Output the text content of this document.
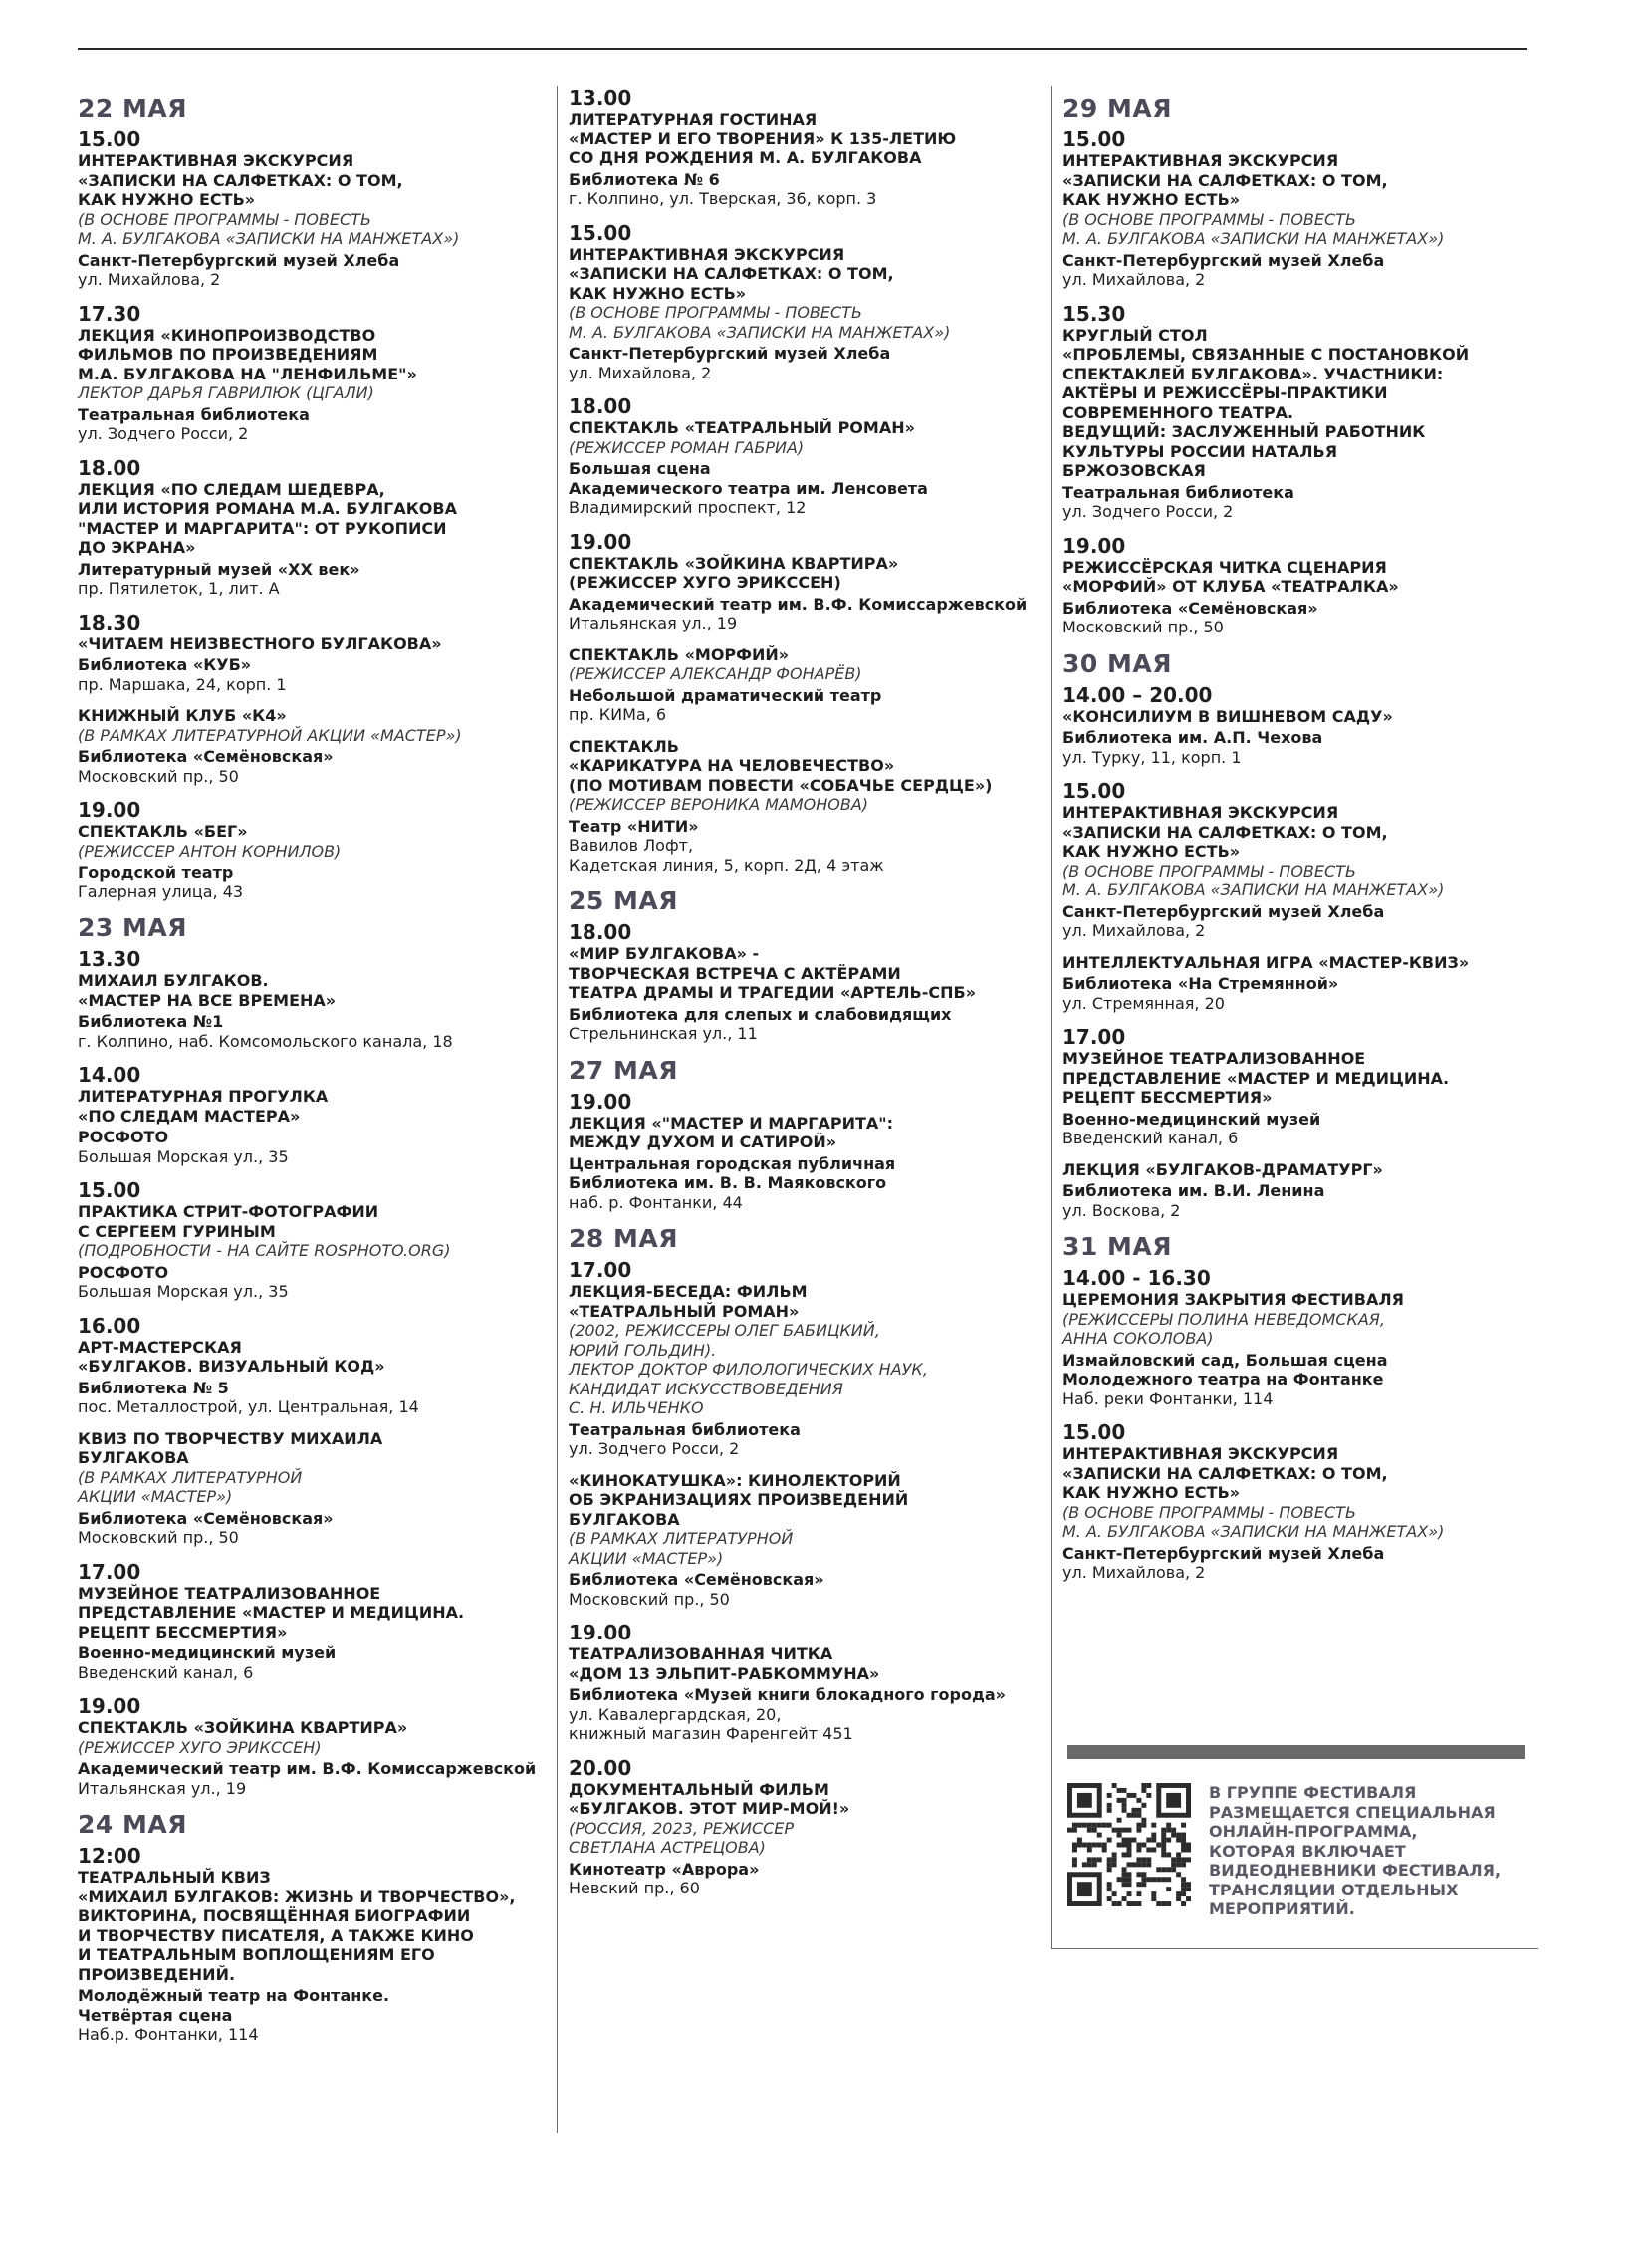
22 МАЯ
15.00
ИНТЕРАКТИВНАЯ ЭКСКУРСИЯ
«ЗАПИСКИ НА САЛФЕТКАХ: О ТОМ,
КАК НУЖНО ЕСТЬ»
(В ОСНОВЕ ПРОГРАММЫ - ПОВЕСТЬ
М. А. БУЛГАКОВА «ЗАПИСКИ НА МАНЖЕТАХ»)
Санкт-Петербургский музей Хлеба
ул. Михайлова, 2
17.30
ЛЕКЦИЯ «КИНОПРОИЗВОДСТВО
ФИЛЬМОВ ПО ПРОИЗВЕДЕНИЯМ
М.А. БУЛГАКОВА НА "ЛЕНФИЛЬМЕ"»
ЛЕКТОР ДАРЬЯ ГАВРИЛЮК (ЦГАЛИ)
Театральная библиотека
ул. Зодчего Росси, 2
18.00
ЛЕКЦИЯ «ПО СЛЕДАМ ШЕДЕВРА,
ИЛИ ИСТОРИЯ РОМАНА М.А. БУЛГАКОВА
"МАСТЕР И МАРГАРИТА": ОТ РУКОПИСИ
ДО ЭКРАНА»
Литературный музей «XX век»
пр. Пятилеток, 1, лит. А
18.30
«ЧИТАЕМ НЕИЗВЕСТНОГО БУЛГАКОВА»
Библиотека «КУБ»
пр. Маршака, 24, корп. 1
КНИЖНЫЙ КЛУБ «К4»
(В РАМКАХ ЛИТЕРАТУРНОЙ АКЦИИ «МАСТЕР»)
Библиотека «Семёновская»
Московский пр., 50
19.00
СПЕКТАКЛЬ «БЕГ»
(РЕЖИССЕР АНТОН КОРНИЛОВ)
Городской театр
Галерная улица, 43
23 МАЯ
13.30
МИХАИЛ БУЛГАКОВ.
«МАСТЕР НА ВСЕ ВРЕМЕНА»
Библиотека №1
г. Колпино, наб. Комсомольского канала, 18
14.00
ЛИТЕРАТУРНАЯ ПРОГУЛКА
«ПО СЛЕДАМ МАСТЕРА»
РОСФОТО
Большая Морская ул., 35
15.00
ПРАКТИКА СТРИТ-ФОТОГРАФИИ
С СЕРГЕЕМ ГУРИНЫМ
(ПОДРОБНОСТИ - НА САЙТЕ ROSPHOTO.ORG)
РОСФОТО
Большая Морская ул., 35
16.00
АРТ-МАСТЕРСКАЯ
«БУЛГАКОВ. ВИЗУАЛЬНЫЙ КОД»
Библиотека № 5
пос. Металлострой, ул. Центральная, 14
КВИЗ ПО ТВОРЧЕСТВУ МИХАИЛА
БУЛГАКОВА
(В РАМКАХ ЛИТЕРАТУРНОЙ
АКЦИИ «МАСТЕР»)
Библиотека «Семёновская»
Московский пр., 50
17.00
МУЗЕЙНОЕ ТЕАТРАЛИЗОВАННОЕ
ПРЕДСТАВЛЕНИЕ «МАСТЕР И МЕДИЦИНА.
РЕЦЕПТ БЕССМЕРТИЯ»
Военно-медицинский музей
Введенский канал, 6
19.00
СПЕКТАКЛЬ «ЗОЙКИНА КВАРТИРА»
(РЕЖИССЕР ХУГО ЭРИКССЕН)
Академический театр им. В.Ф. Комиссаржевской
Итальянская ул., 19
24 МАЯ
12:00
ТЕАТРАЛЬНЫЙ КВИЗ
«МИХАИЛ БУЛГАКОВ: ЖИЗНЬ И ТВОРЧЕСТВО»,
ВИКТОРИНА, ПОСВЯЩЁННАЯ БИОГРАФИИ
И ТВОРЧЕСТВУ ПИСАТЕЛЯ, А ТАКЖЕ КИНО
И ТЕАТРАЛЬНЫМ ВОПЛОЩЕНИЯМ ЕГО
ПРОИЗВЕДЕНИЙ.
Молодёжный театр на Фонтанке.
Четвёртая сцена
Наб.р. Фонтанки, 114
13.00
ЛИТЕРАТУРНАЯ ГОСТИНАЯ
«МАСТЕР И ЕГО ТВОРЕНИЯ» К 135-ЛЕТИЮ
СО ДНЯ РОЖДЕНИЯ М. А. БУЛГАКОВА
Библиотека № 6
г. Колпино, ул. Тверская, 36, корп. 3
15.00
ИНТЕРАКТИВНАЯ ЭКСКУРСИЯ
«ЗАПИСКИ НА САЛФЕТКАХ: О ТОМ,
КАК НУЖНО ЕСТЬ»
(В ОСНОВЕ ПРОГРАММЫ - ПОВЕСТЬ
М. А. БУЛГАКОВА «ЗАПИСКИ НА МАНЖЕТАХ»)
Санкт-Петербургский музей Хлеба
ул. Михайлова, 2
18.00
СПЕКТАКЛЬ «ТЕАТРАЛЬНЫЙ РОМАН»
(РЕЖИССЕР РОМАН ГАБРИА)
Большая сцена
Академического театра им. Ленсовета
Владимирский проспект, 12
19.00
СПЕКТАКЛЬ «ЗОЙКИНА КВАРТИРА»
(РЕЖИССЕР ХУГО ЭРИКССЕН)
Академический театр им. В.Ф. Комиссаржевской
Итальянская ул., 19
СПЕКТАКЛЬ «МОРФИЙ»
(РЕЖИССЕР АЛЕКСАНДР ФОНАРЁВ)
Небольшой драматический театр
пр. КИМа, 6
СПЕКТАКЛЬ
«КАРИКАТУРА НА ЧЕЛОВЕЧЕСТВО»
(ПО МОТИВАМ ПОВЕСТИ «СОБАЧЬЕ СЕРДЦЕ»)
(РЕЖИССЕР ВЕРОНИКА МАМОНОВА)
Театр «НИТИ»
Вавилов Лофт,
Кадетская линия, 5, корп. 2Д, 4 этаж
25 МАЯ
18.00
«МИР БУЛГАКОВА» -
ТВОРЧЕСКАЯ ВСТРЕЧА С АКТЁРАМИ
ТЕАТРА ДРАМЫ И ТРАГЕДИИ «АРТЕЛЬ-СПБ»
Библиотека для слепых и слабовидящих
Стрельнинская ул., 11
27 МАЯ
19.00
ЛЕКЦИЯ «"МАСТЕР И МАРГАРИТА":
МЕЖДУ ДУХОМ И САТИРОЙ»
Центральная городская публичная
Библиотека им. В. В. Маяковского
наб. р. Фонтанки, 44
28 МАЯ
17.00
ЛЕКЦИЯ-БЕСЕДА: ФИЛЬМ
«ТЕАТРАЛЬНЫЙ РОМАН»
(2002, РЕЖИССЕРЫ ОЛЕГ БАБИЦКИЙ,
ЮРИЙ ГОЛЬДИН).
ЛЕКТОР ДОКТОР ФИЛОЛОГИЧЕСКИХ НАУК,
КАНДИДАТ ИСКУССТВОВЕДЕНИЯ
С. Н. ИЛЬЧЕНКО
Театральная библиотека
ул. Зодчего Росси, 2
«КИНОКАТУШКА»: КИНОЛЕКТОРИЙ
ОБ ЭКРАНИЗАЦИЯХ ПРОИЗВЕДЕНИЙ
БУЛГАКОВА
(В РАМКАХ ЛИТЕРАТУРНОЙ
АКЦИИ «МАСТЕР»)
Библиотека «Семёновская»
Московский пр., 50
19.00
ТЕАТРАЛИЗОВАННАЯ ЧИТКА
«ДОМ 13 ЭЛЬПИТ-РАБКОММУНА»
Библиотека «Музей книги блокадного города»
ул. Кавалергардская, 20,
книжный магазин Фаренгейт 451
20.00
ДОКУМЕНТАЛЬНЫЙ ФИЛЬМ
«БУЛГАКОВ. ЭТОТ МИР-МОЙ!»
(РОССИЯ, 2023, РЕЖИССЕР
СВЕТЛАНА АСТРЕЦОВА)
Кинотеатр «Аврора»
Невский пр., 60
29 МАЯ
15.00
ИНТЕРАКТИВНАЯ ЭКСКУРСИЯ
«ЗАПИСКИ НА САЛФЕТКАХ: О ТОМ,
КАК НУЖНО ЕСТЬ»
(В ОСНОВЕ ПРОГРАММЫ - ПОВЕСТЬ
М. А. БУЛГАКОВА «ЗАПИСКИ НА МАНЖЕТАХ»)
Санкт-Петербургский музей Хлеба
ул. Михайлова, 2
15.30
КРУГЛЫЙ СТОЛ
«ПРОБЛЕМЫ, СВЯЗАННЫЕ С ПОСТАНОВКОЙ
СПЕКТАКЛЕЙ БУЛГАКОВА». УЧАСТНИКИ:
АКТЁРЫ И РЕЖИССЁРЫ-ПРАКТИКИ
СОВРЕМЕННОГО ТЕАТРА.
ВЕДУЩИЙ: ЗАСЛУЖЕННЫЙ РАБОТНИК
КУЛЬТУРЫ РОССИИ НАТАЛЬЯ
БРЖОЗОВСКАЯ
Театральная библиотека
ул. Зодчего Росси, 2
19.00
РЕЖИССЁРСКАЯ ЧИТКА СЦЕНАРИЯ
«МОРФИЙ» ОТ КЛУБА «ТЕАТРАЛКА»
Библиотека «Семёновская»
Московский пр., 50
30 МАЯ
14.00 – 20.00
«КОНСИЛИУМ В ВИШНЕВОМ САДУ»
Библиотека им. А.П. Чехова
ул. Турку, 11, корп. 1
15.00
ИНТЕРАКТИВНАЯ ЭКСКУРСИЯ
«ЗАПИСКИ НА САЛФЕТКАХ: О ТОМ,
КАК НУЖНО ЕСТЬ»
(В ОСНОВЕ ПРОГРАММЫ - ПОВЕСТЬ
М. А. БУЛГАКОВА «ЗАПИСКИ НА МАНЖЕТАХ»)
Санкт-Петербургский музей Хлеба
ул. Михайлова, 2
ИНТЕЛЛЕКТУАЛЬНАЯ ИГРА «МАСТЕР-КВИЗ»
Библиотека «На Стремянной»
ул. Стремянная, 20
17.00
МУЗЕЙНОЕ ТЕАТРАЛИЗОВАННОЕ
ПРЕДСТАВЛЕНИЕ «МАСТЕР И МЕДИЦИНА.
РЕЦЕПТ БЕССМЕРТИЯ»
Военно-медицинский музей
Введенский канал, 6
ЛЕКЦИЯ «БУЛГАКОВ-ДРАМАТУРГ»
Библиотека им. В.И. Ленина
ул. Воскова, 2
31 МАЯ
14.00 - 16.30
ЦЕРЕМОНИЯ ЗАКРЫТИЯ ФЕСТИВАЛЯ
(РЕЖИССЕРЫ ПОЛИНА НЕВЕДОМСКАЯ,
АННА СОКОЛОВА)
Измайловский сад, Большая сцена
Молодежного театра на Фонтанке
Наб. реки Фонтанки, 114
15.00
ИНТЕРАКТИВНАЯ ЭКСКУРСИЯ
«ЗАПИСКИ НА САЛФЕТКАХ: О ТОМ,
КАК НУЖНО ЕСТЬ»
(В ОСНОВЕ ПРОГРАММЫ - ПОВЕСТЬ
М. А. БУЛГАКОВА «ЗАПИСКИ НА МАНЖЕТАХ»)
Санкт-Петербургский музей Хлеба
ул. Михайлова, 2
В ГРУППЕ ФЕСТИВАЛЯ
РАЗМЕЩАЕТСЯ СПЕЦИАЛЬНАЯ
ОНЛАЙН-ПРОГРАММА,
КОТОРАЯ ВКЛЮЧАЕТ
ВИДЕОДНЕВНИКИ ФЕСТИВАЛЯ,
ТРАНСЛЯЦИИ ОТДЕЛЬНЫХ
МЕРОПРИЯТИЙ.
